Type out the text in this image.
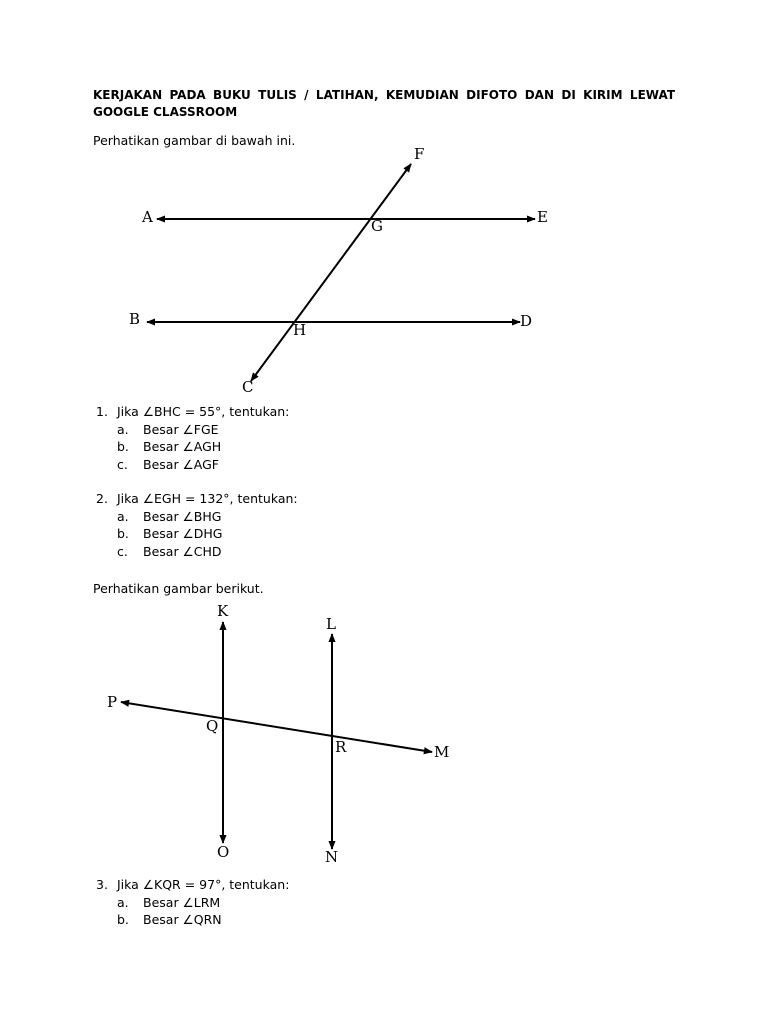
KERJAKAN PADA BUKU TULIS / LATIHAN, KEMUDIAN DIFOTO DAN DI KIRIM LEWAT GOOGLE CLASSROOM
Perhatikan gambar di bawah ini.
A	E
F
G
B	D
H
C
K
L
P
Q
R	M
O	N
1. Jika ∠BHC = 55°, tentukan:
a. Besar ∠FGE
b. Besar ∠AGH
c. Besar ∠AGF
2. Jika ∠EGH = 132°, tentukan:
a. Besar ∠BHG
b. Besar ∠DHG
c. Besar ∠CHD
Perhatikan gambar berikut.
3. Jika ∠KQR = 97°, tentukan:
a. Besar ∠LRM
b. Besar ∠QRN
